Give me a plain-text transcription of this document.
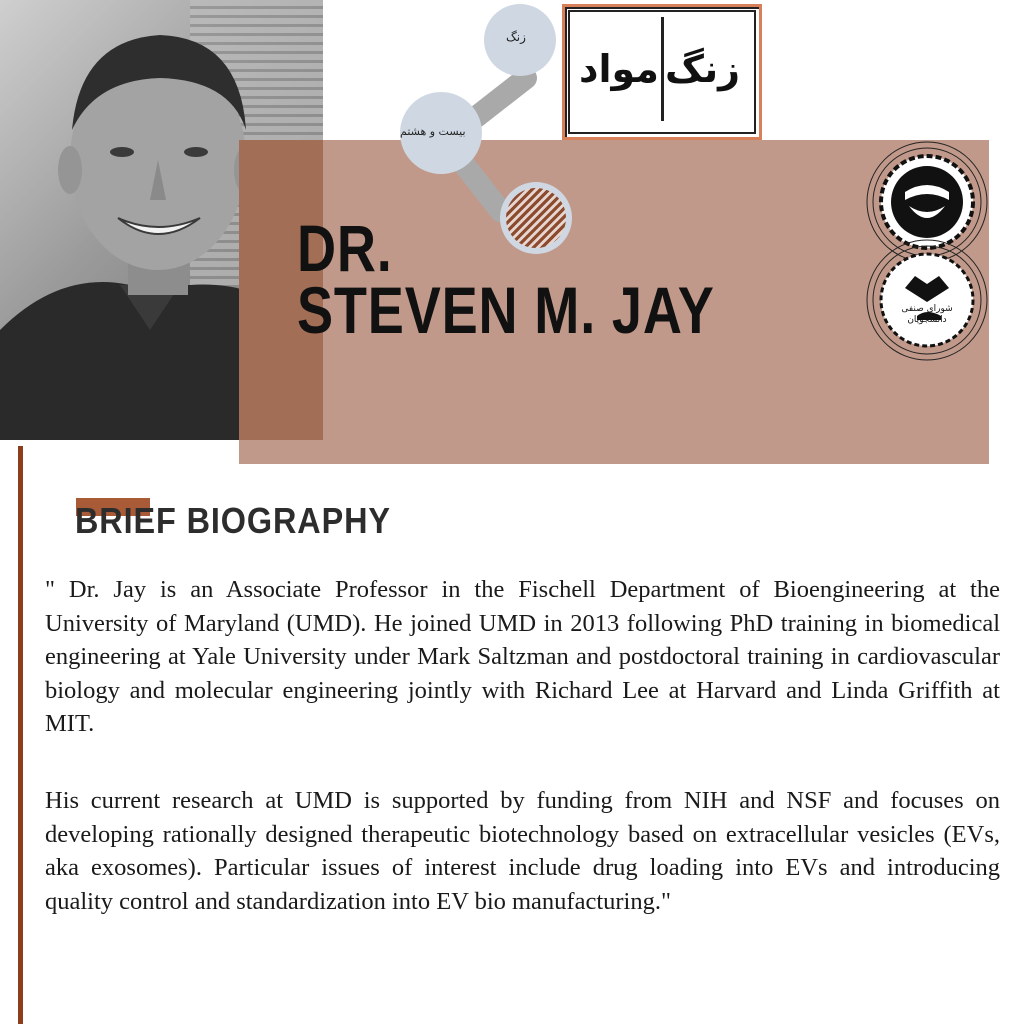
زنگ
بیست و هشتم
مواد زنگ
DR.
STEVEN M. JAY	شورای صنفی دانشجویان
BRIEF BIOGRAPHY

" Dr. Jay is an Associate Professor in the Fischell Department of Bioengineering at the University of Maryland (UMD). He joined UMD in 2013 following PhD training in biomedical engineering at Yale University under Mark Saltzman and postdoctoral training in cardiovascular biology and molecular engineering jointly with Richard Lee at Harvard and Linda Griffith at MIT.

His current research at UMD is supported by funding from NIH and NSF and focuses on developing rationally designed therapeutic biotechnology based on extracellular vesicles (EVs, aka exosomes). Particular issues of interest include drug loading into EVs and introducing quality control and standardization into EV bio manufacturing."
